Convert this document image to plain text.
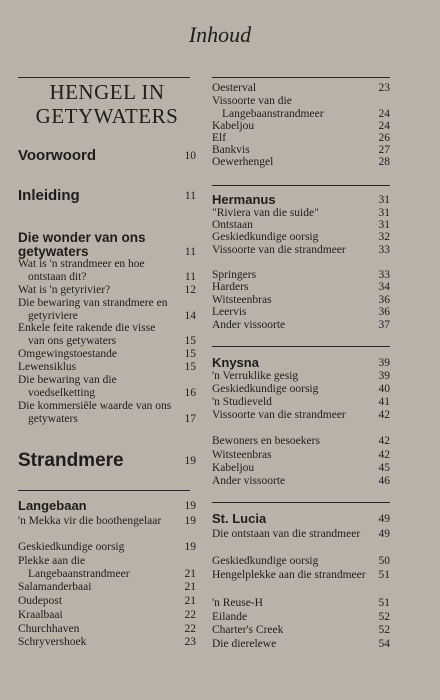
Inhoud
HENGEL IN GETYWATERS
Voorwoord	10
Inleiding	11
Die wonder van ons getywaters	11
Wat is 'n strandmeer en hoe ontstaan dit?	11
Wat is 'n getyrivier?	12
Die bewaring van strandmere en getyriviere	14
Enkele feite rakende die visse van ons getywaters	15
Omgewingstoestande	15
Lewensiklus	15
Die bewaring van die voedselketting	16
Die kommersiële waarde van ons getywaters	17
Strandmere	19
Langebaan	19
'n Mekka vir die boothengelaar	19
Geskiedkundige oorsig	19
Plekke aan die Langebaanstrandmeer	21
Salamanderbaai	21
Oudepost	21
Kraalbaai	22
Churchhaven	22
Schryvershoek	23
Oesterval	23
Vissoorte van die Langebaanstrandmeer	24
Kabeljou	24
Elf	26
Bankvis	27
Oewerhengel	28
Hermanus	31
"Riviera van die suide"	31
Ontstaan	31
Geskiedkundige oorsig	32
Vissoorte van die strandmeer	33
Springers	33
Harders	34
Witsteenbras	36
Leervis	36
Ander vissoorte	37
Knysna	39
'n Verruklike gesig	39
Geskiedkundige oorsig	40
'n Studieveld	41
Vissoorte van die strandmeer	42
Bewoners en besoekers	42
Witsteenbras	42
Kabeljou	45
Ander vissoorte	46
St. Lucia	49
Die ontstaan van die strandmeer	49
Geskiedkundige oorsig	50
Hengelplekke aan die strandmeer	51
'n Reuse-H	51
Eilande	52
Charter's Creek	52
Die dierelewe	54
